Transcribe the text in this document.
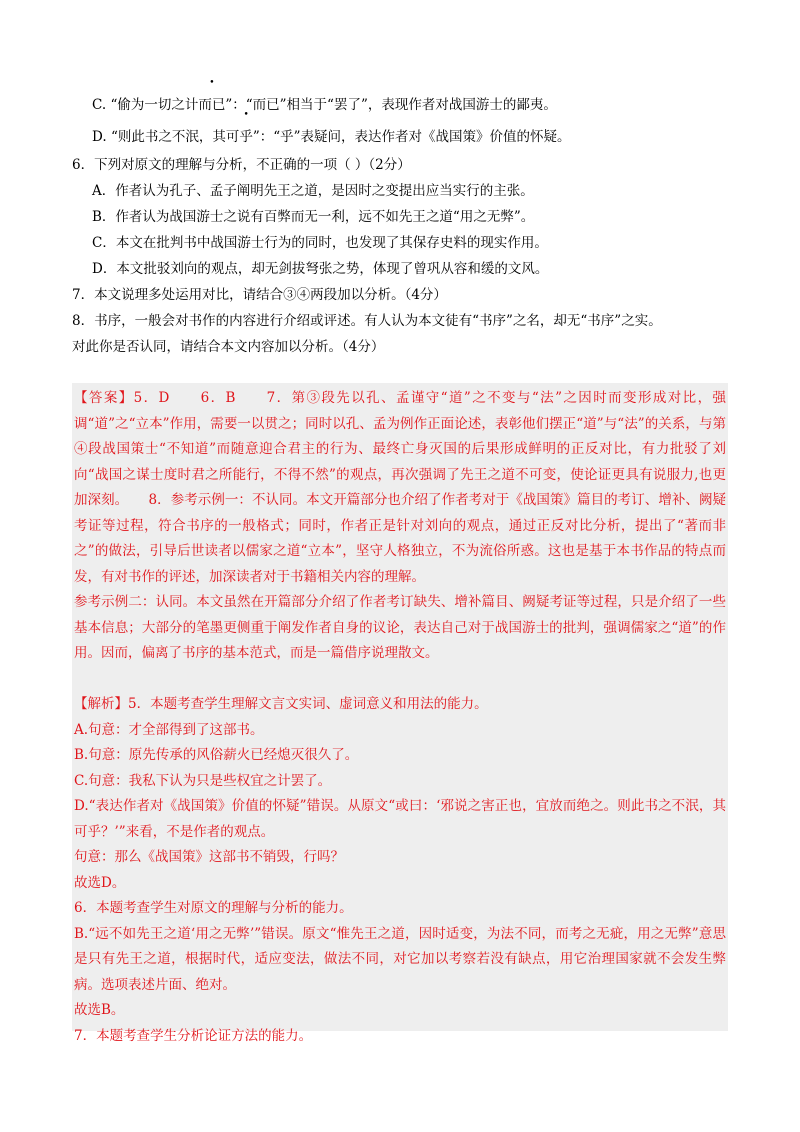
C. “偷为一切之计而已”：“而已”相当于“罢了”，表现作者对战国游士的鄙夷。
D. “则此书之不泯，其可乎”：“乎”表疑问，表达作者对《战国策》价值的怀疑。
6．下列对原文的理解与分析，不正确的一项（ ）（2分）
A．作者认为孔子、孟子阐明先王之道，是因时之变提出应当实行的主张。
B．作者认为战国游士之说有百弊而无一利，远不如先王之道“用之无弊”。
C．本文在批判书中战国游士行为的同时，也发现了其保存史料的现实作用。
D．本文批驳刘向的观点，却无剑拔弩张之势，体现了曾巩从容和缓的文风。
7．本文说理多处运用对比，请结合③④两段加以分析。（4分）
8．书序，一般会对书作的内容进行介绍或评述。有人认为本文徒有“书序”之名，却无“书序”之实。
对此你是否认同，请结合本文内容加以分析。（4分）

【答案】5．D　　6．B　　7．第③段先以孔、孟谨守“道”之不变与“法”之因时而变形成对比，强调“道”之“立本”作用，需要一以贯之；同时以孔、孟为例作正面论述，表彰他们摆正“道”与“法”的关系，与第④段战国策士“不知道”而随意迎合君主的行为、最终亡身灭国的后果形成鲜明的正反对比，有力批驳了刘向“战国之谋士度时君之所能行，不得不然”的观点，再次强调了先王之道不可变，使论证更具有说服力,也更加深刻。　　8．参考示例一：不认同。本文开篇部分也介绍了作者考对于《战国策》篇目的考订、增补、阙疑考证等过程，符合书序的一般格式；同时，作者正是针对刘向的观点，通过正反对比分析，提出了“著而非之”的做法，引导后世读者以儒家之道“立本”，坚守人格独立，不为流俗所惑。这也是基于本书作品的特点而发，有对书作的评述，加深读者对于书籍相关内容的理解。

参考示例二：认同。本文虽然在开篇部分介绍了作者考订缺失、增补篇目、阙疑考证等过程，只是介绍了一些基本信息；大部分的笔墨更侧重于阐发作者自身的议论，表达自己对于战国游士的批判，强调儒家之“道”的作用。因而，偏离了书序的基本范式，而是一篇借序说理散文。

【解析】5．本题考查学生理解文言文实词、虚词意义和用法的能力。

A.句意：才全部得到了这部书。

B.句意：原先传承的风俗薪火已经熄灭很久了。

C.句意：我私下认为只是些权宜之计罢了。

D.“表达作者对《战国策》价值的怀疑”错误。从原文“或曰：‘邪说之害正也，宜放而绝之。则此书之不泯，其可乎？’”来看，不是作者的观点。

句意：那么《战国策》这部书不销毁，行吗？

故选D。

6．本题考查学生对原文的理解与分析的能力。

B.“远不如先王之道‘用之无弊’”错误。原文“惟先王之道，因时适变，为法不同，而考之无疵，用之无弊”意思是只有先王之道，根据时代，适应变法，做法不同，对它加以考察若没有缺点，用它治理国家就不会发生弊病。选项表述片面、绝对。

故选B。

7．本题考查学生分析论证方法的能力。
